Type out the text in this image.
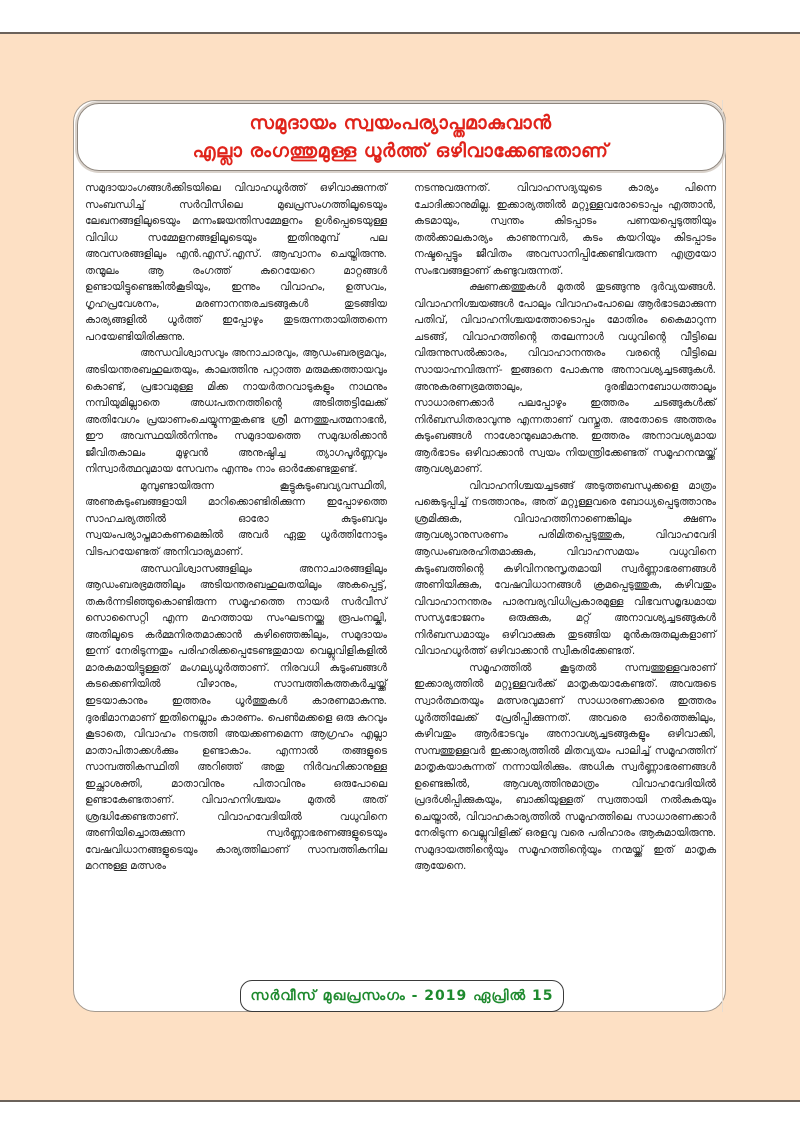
സമുദായം സ്വയംപര്യാപ്തമാകുവാൻ
എല്ലാ രംഗത്തുമുള്ള ധൂർത്ത് ഒഴിവാക്കേണ്ടതാണ്

സമുദായാംഗങ്ങൾക്കിടയിലെ വിവാഹധൂർത്ത് ഒഴിവാക്കുന്നത് സംബന്ധിച്ച് സർവീസിലെ മുഖപ്രസംഗത്തിലൂടെയും ലേഖനങ്ങളിലൂടെയും മന്നംജയന്തിസമ്മേളനം ഉൾപ്പെടെയുള്ള വിവിധ സമ്മേളനങ്ങളിലൂടെയും ഇതിനുമുമ്പ് പല അവസരങ്ങളിലും എൻ.എസ്.എസ്. ആഹ്വാനം ചെയ്തിരുന്നു. തന്മൂലം ആ രംഗത്ത് കുറെയേറെ മാറ്റങ്ങൾ ഉണ്ടായിട്ടുണ്ടെങ്കിൽകൂടിയും, ഇന്നും വിവാഹം, ഉത്സവം, ഗൃഹപ്രവേശനം, മരണാനന്തരചടങ്ങുകൾ തുടങ്ങിയ കാര്യങ്ങളിൽ ധൂർത്ത് ഇപ്പോഴും തുടരുന്നതായിത്തന്നെ പറയേണ്ടിയിരിക്കുന്നു.

അന്ധവിശ്വാസവും അനാചാരവും, ആഡംബരഭ്രമവും, അടിയന്തരബഹുലതയും, കാലത്തിനു പറ്റാത്ത മരുമക്കത്തായവും കൊണ്ട്, പ്രഭാവമുള്ള മിക്ക നായർതറവാടുകളും നാഥനും നമ്പിയുമില്ലാതെ അധഃപതനത്തിന്റെ അടിത്തട്ടിലേക്ക് അതിവേഗം പ്രയാണംചെയ്യുന്നതുകണ്ട ശ്രീ മന്നത്തുപത്മനാഭൻ, ഈ അവസ്ഥയിൽനിന്നും സമുദായത്തെ സമുദ്ധരിക്കാൻ ജീവിതകാലം മുഴുവൻ അനുഷ്ഠിച്ച ത്യാഗപൂർണ്ണവും നിസ്വാർത്ഥവുമായ സേവനം എന്നും നാം ഓർക്കേണ്ടതുണ്ട്.

മുമ്പുണ്ടായിരുന്ന കൂട്ടുകുടുംബവ്യവസ്ഥിതി, അണുകുടുംബങ്ങളായി മാറിക്കൊണ്ടിരിക്കുന്ന ഇപ്പോഴത്തെ സാഹചര്യത്തിൽ ഓരോ കുടുംബവും സ്വയംപര്യാപ്തമാകണമെങ്കിൽ അവർ ഏതു ധൂർത്തിനോടും വിടപറയേണ്ടത് അനിവാര്യമാണ്.

അന്ധവിശ്വാസങ്ങളിലും അനാചാരങ്ങളിലും ആഡംബരഭ്രമത്തിലും അടിയന്തരബഹുലതയിലും അകപ്പെട്ട്, തകർന്നടിഞ്ഞുകൊണ്ടിരുന്ന സമൂഹത്തെ നായർ സർവീസ് സൊസൈറ്റി എന്ന മഹത്തായ സംഘടനയ്ക്കു രൂപംനല്കി, അതിലൂടെ കർമ്മനിരതമാക്കാൻ കഴിഞ്ഞെങ്കിലും, സമുദായം ഇന്ന് നേരിടുന്നതും പരിഹരിക്കപ്പെടേണ്ടതുമായ വെല്ലുവിളികളിൽ മാരകമായിട്ടുള്ളത് മംഗല്യധൂർത്താണ്. നിരവധി കുടുംബങ്ങൾ കടക്കെണിയിൽ വീഴാനും, സാമ്പത്തികത്തകർച്ചയ്ക്ക് ഇടയാകാനും ഇത്തരം ധൂർത്തുകൾ കാരണമാകുന്നു. ദുരഭിമാനമാണ് ഇതിനെല്ലാം കാരണം. പെൺമക്കളെ ഒരു കുറവും കൂടാതെ, വിവാഹം നടത്തി അയക്കണമെന്ന ആഗ്രഹം എല്ലാ മാതാപിതാക്കൾക്കും ഉണ്ടാകാം. എന്നാൽ തങ്ങളുടെ സാമ്പത്തികസ്ഥിതി അറിഞ്ഞ് അതു നിർവഹിക്കാനുള്ള ഇച്ഛാശക്തി, മാതാവിനും പിതാവിനും ഒരുപോലെ ഉണ്ടാകേണ്ടതാണ്. വിവാഹനിശ്ചയം മുതൽ അത് ശ്രദ്ധിക്കേണ്ടതാണ്. വിവാഹവേദിയിൽ വധുവിനെ അണിയിച്ചൊരുക്കുന്ന സ്വർണ്ണാഭരണങ്ങളുടെയും വേഷവിധാനങ്ങളുടെയും കാര്യത്തിലാണ് സാമ്പത്തികനില മറന്നുള്ള മത്സരം

നടന്നുവരുന്നത്. വിവാഹസദ്യയുടെ കാര്യം പിന്നെ ചോദിക്കാനുമില്ല. ഇക്കാര്യത്തിൽ മറ്റുള്ളവരോടൊപ്പം എത്താൻ, കടമായും, സ്വന്തം കിടപ്പാടം പണയപ്പെടുത്തിയും തൽക്കാലകാര്യം കാണുന്നവർ, കടം കയറിയും കിടപ്പാടം നഷ്ടപ്പെട്ടും ജീവിതം അവസാനിപ്പിക്കേണ്ടിവരുന്ന എത്രയോ സംഭവങ്ങളാണ് കണ്ടുവരുന്നത്.

ക്ഷണക്കത്തുകൾ മുതൽ തുടങ്ങുന്നു ദുർവ്യയങ്ങൾ. വിവാഹനിശ്ചയങ്ങൾ പോലും വിവാഹംപോലെ ആർഭാടമാക്കുന്ന പതിവ്, വിവാഹനിശ്ചയത്തോടൊപ്പം മോതിരം കൈമാറുന്ന ചടങ്ങ്, വിവാഹത്തിന്റെ തലേന്നാൾ വധുവിന്റെ വീട്ടിലെ വിരുന്നുസൽക്കാരം, വിവാഹാനന്തരം വരന്റെ വീട്ടിലെ സായാഹ്നവിരുന്ന്- ഇങ്ങനെ പോകുന്നു അനാവശ്യച്ചടങ്ങുകൾ. അനുകരണഭ്രമത്താലും, ദുരഭിമാനബോധത്താലും സാധാരണക്കാർ പലപ്പോഴും ഇത്തരം ചടങ്ങുകൾക്ക് നിർബന്ധിതരാവുന്നു എന്നതാണ് വസ്തുത. അതോടെ അത്തരം കുടുംബങ്ങൾ നാശോന്മുഖമാകുന്നു. ഇത്തരം അനാവശ്യമായ ആർഭാടം ഒഴിവാക്കാൻ സ്വയം നിയന്ത്രിക്കേണ്ടത് സമൂഹനന്മയ്ക്ക് ആവശ്യമാണ്.

വിവാഹനിശ്ചയച്ചടങ്ങ് അടുത്തബന്ധുക്കളെ മാത്രം പങ്കെടുപ്പിച്ച് നടത്താനും, അത് മറ്റുള്ളവരെ ബോധ്യപ്പെടുത്താനും ശ്രമിക്കുക, വിവാഹത്തിനാണെങ്കിലും ക്ഷണം ആവശ്യാനുസരണം പരിമിതപ്പെടുത്തുക, വിവാഹവേദി ആഡംബരരഹിതമാക്കുക, വിവാഹസമയം വധുവിനെ കുടുംബത്തിന്റെ കഴിവിനനുസൃതമായി സ്വർണ്ണാഭരണങ്ങൾ അണിയിക്കുക, വേഷവിധാനങ്ങൾ ക്രമപ്പെടുത്തുക, കഴിവതും വിവാഹാനന്തരം പാരമ്പര്യവിധിപ്രകാരമുള്ള വിഭവസമൃദ്ധമായ സസ്യഭോജനം ഒരുക്കുക, മറ്റ് അനാവശ്യച്ചടങ്ങുകൾ നിർബന്ധമായും ഒഴിവാക്കുക തുടങ്ങിയ മുൻകരുതലുകളാണ് വിവാഹധൂർത്ത് ഒഴിവാക്കാൻ സ്വീകരിക്കേണ്ടത്.

സമൂഹത്തിൽ കൂടുതൽ സമ്പത്തുള്ളവരാണ് ഇക്കാര്യത്തിൽ മറ്റുള്ളവർക്ക് മാതൃകയാകേണ്ടത്. അവരുടെ സ്വാർത്ഥതയും മത്സരവുമാണ് സാധാരണക്കാരെ ഇത്തരം ധൂർത്തിലേക്ക് പ്രേരിപ്പിക്കുന്നത്. അവരെ ഓർത്തെങ്കിലും, കഴിവതും ആർഭാടവും അനാവശ്യച്ചടങ്ങുകളും ഒഴിവാക്കി, സമ്പത്തുള്ളവർ ഇക്കാര്യത്തിൽ മിതവ്യയം പാലിച്ച് സമൂഹത്തിന് മാതൃകയാകുന്നത് നന്നായിരിക്കും. അധിക സ്വർണ്ണാഭരണങ്ങൾ ഉണ്ടെങ്കിൽ, ആവശ്യത്തിനുമാത്രം വിവാഹവേദിയിൽ പ്രദർശിപ്പിക്കുകയും, ബാക്കിയുള്ളത് സ്വത്തായി നൽകുകയും ചെയ്താൽ, വിവാഹകാര്യത്തിൽ സമൂഹത്തിലെ സാധാരണക്കാർ നേരിടുന്ന വെല്ലുവിളിക്ക് ഒരളവു വരെ പരിഹാരം ആകുമായിരുന്നു. സമുദായത്തിന്റെയും സമൂഹത്തിന്റെയും നന്മയ്ക്ക് ഇത് മാതൃക ആയേനെ.

സർവീസ് മുഖപ്രസംഗം - 2019 ഏപ്രിൽ 15
